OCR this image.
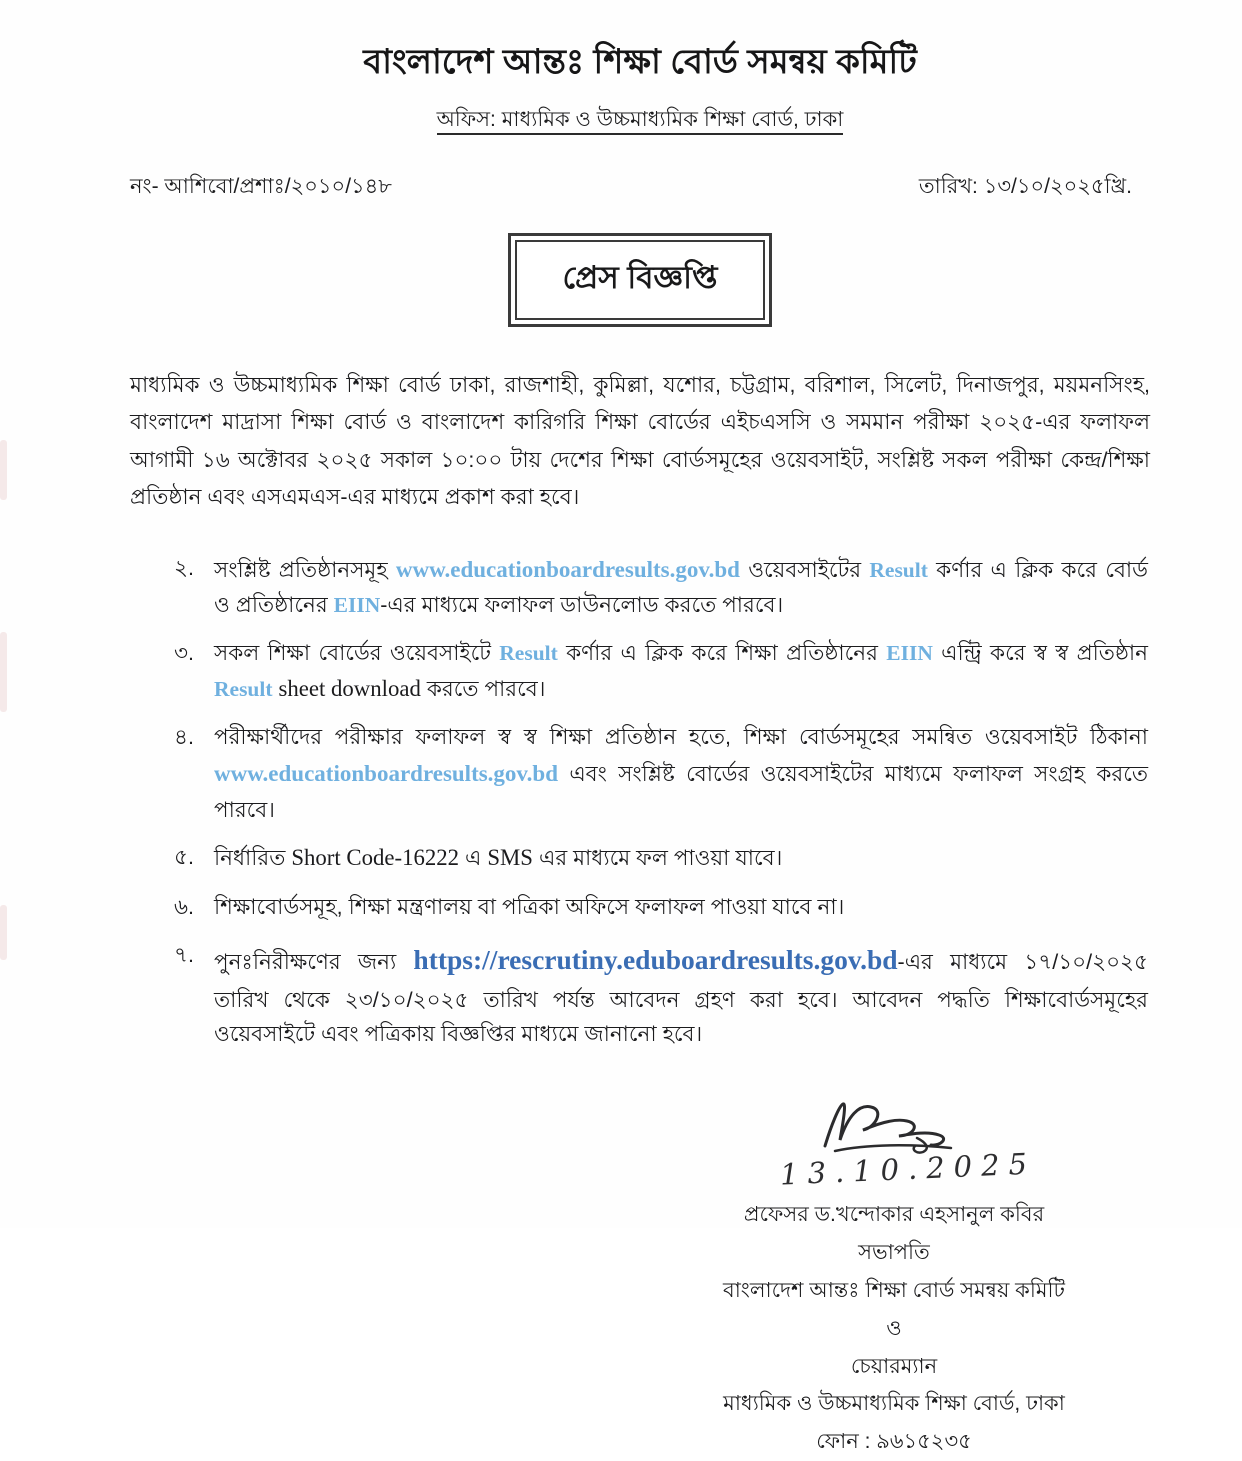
বাংলাদেশ আন্তঃ শিক্ষা বোর্ড সমন্বয় কমিটি
অফিস: মাধ্যমিক ও উচ্চমাধ্যমিক শিক্ষা বোর্ড, ঢাকা
নং- আশিবো/প্রশাঃ/২০১০/১৪৮	তারিখ: ১৩/১০/২০২৫খ্রি.
প্রেস বিজ্ঞপ্তি
মাধ্যমিক ও উচ্চমাধ্যমিক শিক্ষা বোর্ড ঢাকা, রাজশাহী, কুমিল্লা, যশোর, চট্টগ্রাম, বরিশাল, সিলেট, দিনাজপুর, ময়মনসিংহ, বাংলাদেশ মাদ্রাসা শিক্ষা বোর্ড ও বাংলাদেশ কারিগরি শিক্ষা বোর্ডের এইচএসসি ও সমমান পরীক্ষা ২০২৫-এর ফলাফল আগামী ১৬ অক্টোবর ২০২৫ সকাল ১০:০০ টায় দেশের শিক্ষা বোর্ডসমূহের ওয়েবসাইট, সংশ্লিষ্ট সকল পরীক্ষা কেন্দ্র/শিক্ষা প্রতিষ্ঠান এবং এসএমএস-এর মাধ্যমে প্রকাশ করা হবে।
২. সংশ্লিষ্ট প্রতিষ্ঠানসমূহ www.educationboardresults.gov.bd ওয়েবসাইটের Result কর্ণার এ ক্লিক করে বোর্ড ও প্রতিষ্ঠানের EIIN-এর মাধ্যমে ফলাফল ডাউনলোড করতে পারবে।
৩. সকল শিক্ষা বোর্ডের ওয়েবসাইটে Result কর্ণার এ ক্লিক করে শিক্ষা প্রতিষ্ঠানের EIIN এন্ট্রি করে স্ব স্ব প্রতিষ্ঠান Result sheet download করতে পারবে।
৪. পরীক্ষার্থীদের পরীক্ষার ফলাফল স্ব স্ব শিক্ষা প্রতিষ্ঠান হতে, শিক্ষা বোর্ডসমূহের সমন্বিত ওয়েবসাইট ঠিকানা www.educationboardresults.gov.bd এবং সংশ্লিষ্ট বোর্ডের ওয়েবসাইটের মাধ্যমে ফলাফল সংগ্রহ করতে পারবে।
৫. নির্ধারিত Short Code-16222 এ SMS এর মাধ্যমে ফল পাওয়া যাবে।
৬. শিক্ষাবোর্ডসমূহ, শিক্ষা মন্ত্রণালয় বা পত্রিকা অফিসে ফলাফল পাওয়া যাবে না।
৭. পুনঃনিরীক্ষণের জন্য https://rescrutiny.eduboardresults.gov.bd-এর মাধ্যমে ১৭/১০/২০২৫ তারিখ থেকে ২৩/১০/২০২৫ তারিখ পর্যন্ত আবেদন গ্রহণ করা হবে। আবেদন পদ্ধতি শিক্ষাবোর্ডসমূহের ওয়েবসাইটে এবং পত্রিকায় বিজ্ঞপ্তির মাধ্যমে জানানো হবে।
13.10.2025
প্রফেসর ড.খন্দোকার এহসানুল কবির
সভাপতি
বাংলাদেশ আন্তঃ শিক্ষা বোর্ড সমন্বয় কমিটি
ও
চেয়ারম্যান
মাধ্যমিক ও উচ্চমাধ্যমিক শিক্ষা বোর্ড, ঢাকা
ফোন : ৯৬১৫২৩৫
